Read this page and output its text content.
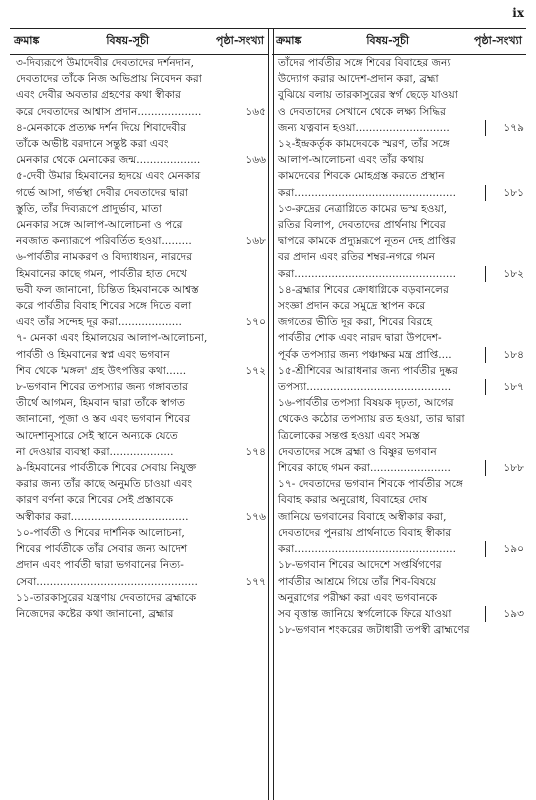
ix
ক্রমাঙ্ক	বিষয়-সূচী	পৃষ্ঠা-সংখ্যা
৩-দিব্যরূপে উমাদেবীর দেবতাদের দর্শনদান,
দেবতাদের তাঁকে নিজ অভিপ্রায় নিবেদন করা
এবং দেবীর অবতার গ্রহণের কথা স্বীকার
করে দেবতাদের আশ্বাস প্রদান...................	১৬৫
৪-মেনকাকে প্রত্যক্ষ দর্শন দিয়ে শিবাদেবীর
তাঁকে অভীষ্ট বরদানে সন্তুষ্ট করা এবং
মেনকার থেকে মেনাকের জন্ম...................	১৬৬
৫-দেবী উমার হিমবানের হৃদয়ে এবং মেনকার
গর্ভে আসা, গর্ভস্থা দেবীর দেবতাদের দ্বারা
স্তুতি, তাঁর দিব্যরূপে প্রাদুর্ভাব, মাতা
মেনকার সঙ্গে আলাপ-আলোচনা ও পরে
নবজাত কন্যারূপে পরিবর্তিত হওয়া.........	১৬৮
৬-পার্বতীর নামকরণ ও বিদ্যাধ্যয়ন, নারদের
হিমবানের কাছে গমন, পার্বতীর হাত দেখে
ভবী ফল জানানো, চিন্তিত হিমবানকে আশ্বস্ত
করে পার্বতীর বিবাহ শিবের সঙ্গে দিতে বলা
এবং তাঁর সন্দেহ দূর করা...................	১৭০
৭- মেনকা এবং হিমালয়ের আলাপ-আলোচনা,
পার্বতী ও হিমবানের স্বপ্ন এবং ভগবান
শিব থেকে 'মঙ্গল' গ্রহ উৎপত্তির কথা......	১৭২
৮-ভগবান শিবের তপস্যার জন্য গঙ্গাবতার
তীর্থে আগমন, হিমবান দ্বারা তাঁকে স্বাগত
জানানো, পূজা ও স্তব এবং ভগবান শিবের
আদেশানুসারে সেই স্থানে অন্যকে যেতে
না দেওয়ার ব্যবস্থা করা...................	১৭৪
৯-হিমবানের পার্বতীকে শিবের সেবায় নিযুক্ত
করার জন্য তাঁর কাছে অনুমতি চাওয়া এবং
কারণ বর্ণনা করে শিবের সেই প্রস্তাবকে
অস্বীকার করা...................................	১৭৬
১০-পার্বতী ও শিবের দার্শনিক আলোচনা,
শিবের পার্বতীকে তাঁর সেবার জন্য আদেশ
প্রদান এবং পার্বতী দ্বারা ভগবানের নিত্য-
সেবা................................................	১৭৭
১১-তারকাসুরের যন্ত্রণায় দেবতাদের ব্রহ্মাকে
নিজেদের কষ্টের কথা জানানো, ব্রহ্মার
ক্রমাঙ্ক	বিষয়-সূচী	পৃষ্ঠা-সংখ্যা
তাঁদের পার্বতীর সঙ্গে শিবের বিবাহের জন্য
উদ্যোগ করার আদেশ-প্রদান করা, ব্রহ্মা
বুঝিয়ে বলায় তারকাসুরের স্বর্গ ছেড়ে যাওয়া
ও দেবতাদের সেখানে থেকে লক্ষ্য সিদ্ধির
জন্য যত্নবান হওয়া............................	১৭৯
১২-ইন্দ্রকর্তৃক কামদেবকে স্মরণ, তাঁর সঙ্গে
আলাপ-আলোচনা এবং তাঁর কথায়
কামদেবের শিবকে মোহগ্রস্ত করতে প্রস্থান
করা................................................	১৮১
১৩-রুদ্রের নেত্রাগ্নিতে কামের ভস্ম হওয়া,
রতির বিলাপ, দেবতাদের প্রার্থনায় শিবের
দ্বাপরে কামকে প্রদ্যুম্নরূপে নূতন দেহ প্রাপ্তির
বর প্রদান এবং রতির শম্বর-নগরে গমন
করা................................................	১৮২
১৪-ব্রহ্মার শিবের ক্রোধাগ্নিকে বড়বানলের
সংজ্ঞা প্রদান করে সমুদ্রে স্থাপন করে
জগতের ভীতি দূর করা, শিবের বিরহে
পার্বতীর শোক এবং নারদ দ্বারা উপদেশ-
পূর্বক তপস্যার জন্য পঞ্চাক্ষর মন্ত্র প্রাপ্তি....	১৮৪
১৫-শ্রীশিবের আরাধনার জন্য পার্বতীর দুষ্কর
তপস্যা...........................................	১৮৭
১৬-পার্বতীর তপস্যা বিষয়ক দৃঢ়তা, আগের
থেকেও কঠোর তপস্যায় রত হওয়া, তার দ্বারা
ত্রিলোকের সন্তপ্ত হওয়া এবং সমস্ত
দেবতাদের সঙ্গে ব্রহ্মা ও বিষ্ণুর ভগবান
শিবের কাছে গমন করা........................	১৮৮
১৭- দেবতাদের ভগবান শিবকে পার্বতীর সঙ্গে
বিবাহ করার অনুরোধ, বিবাহের দোষ
জানিয়ে ভগবানের বিবাহে অস্বীকার করা,
দেবতাদের পুনরায় প্রার্থনাতে বিবাহ স্বীকার
করা................................................	১৯০
১৮-ভগবান শিবের আদেশে সপ্তর্ষিগণের
পার্বতীর আশ্রমে গিয়ে তাঁর শিব-বিষয়ে
অনুরাগের পরীক্ষা করা এবং ভগবানকে
সব বৃত্তান্ত জানিয়ে স্বর্গলোকে ফিরে যাওয়া	১৯৩
১৮-ভগবান শংকরের জটাধারী তপস্বী ব্রাহ্মণের
